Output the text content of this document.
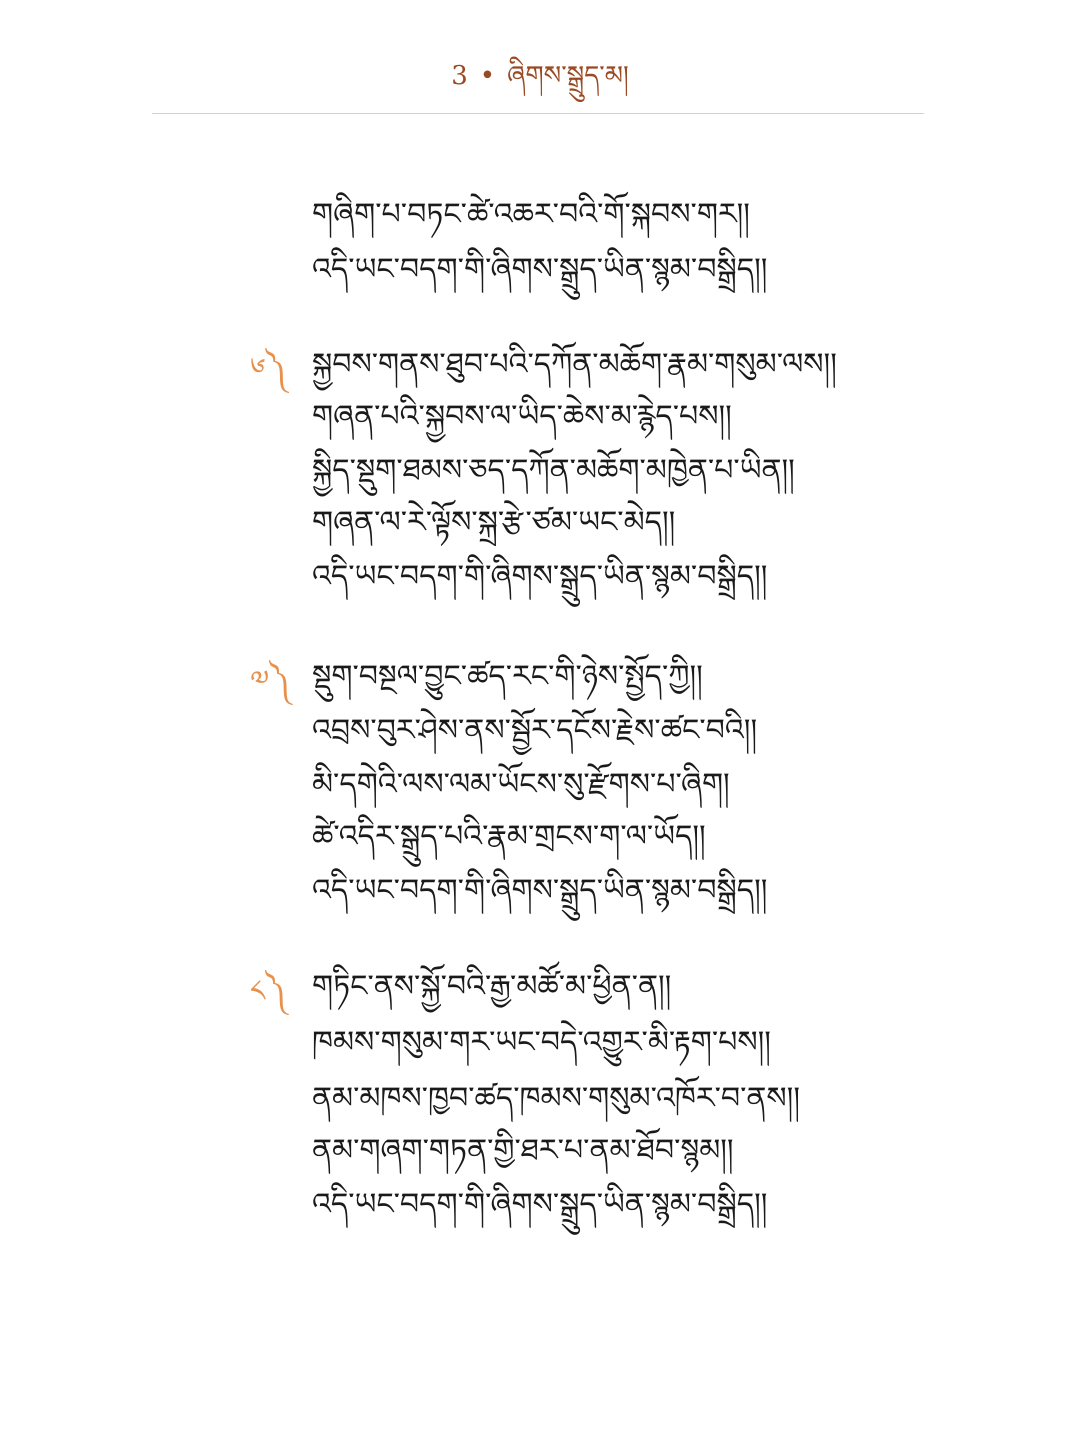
3 • ཞིགས་སྒྲུད་མ།
གཞིག་པ་བཏང་ཚེ་འཆར་བའི་གོ་སྐབས་གར།།
འདི་ཡང་བདག་གི་ཞིགས་སྒྲུད་ཡིན་སྙམ་བསྒྲིད།།
༦༽ སྐྱབས་གནས་ཐུབ་པའི་དཀོན་མཆོག་རྣམ་གསུམ་ལས།།
གཞན་པའི་སྐྱབས་ལ་ཡིད་ཆེས་མ་རྙེད་པས།།
སྐྱིད་སྡུག་ཐམས་ཅད་དཀོན་མཆོག་མཁྱེན་པ་ཡིན།།
གཞན་ལ་རེ་ལྟོས་སྐྲ་རྩེ་ཙམ་ཡང་མེད།།
འདི་ཡང་བདག་གི་ཞིགས་སྒྲུད་ཡིན་སྙམ་བསྒྲིད།།
༧༽ སྡུག་བསྔལ་བྱུང་ཚད་རང་གི་ཉེས་སྤྱོད་ཀྱི།།
འབྲས་བུར་ཤེས་ནས་སྦྱོར་དངོས་རྗེས་ཚང་བའི།།
མི་དགེའི་ལས་ལམ་ཡོངས་སུ་རྫོགས་པ་ཞིག།
ཚེ་འདིར་སྒྲུད་པའི་རྣམ་གྲངས་ག་ལ་ཡོད།།
འདི་ཡང་བདག་གི་ཞིགས་སྒྲུད་ཡིན་སྙམ་བསྒྲིད།།
༨༽ གཏིང་ནས་སྐྱོ་བའི་རྒྱ་མཚོ་མ་ཕྱིན་ན།།
ཁམས་གསུམ་གར་ཡང་བདེ་འགྱུར་མི་རྟག་པས།།
ནམ་མཁས་ཁྱབ་ཚད་ཁམས་གསུམ་འཁོར་བ་ནས།།
ནམ་གཞག་གཏན་གྱི་ཐར་པ་ནམ་ཐོབ་སྙམ།།
འདི་ཡང་བདག་གི་ཞིགས་སྒྲུད་ཡིན་སྙམ་བསྒྲིད།།
